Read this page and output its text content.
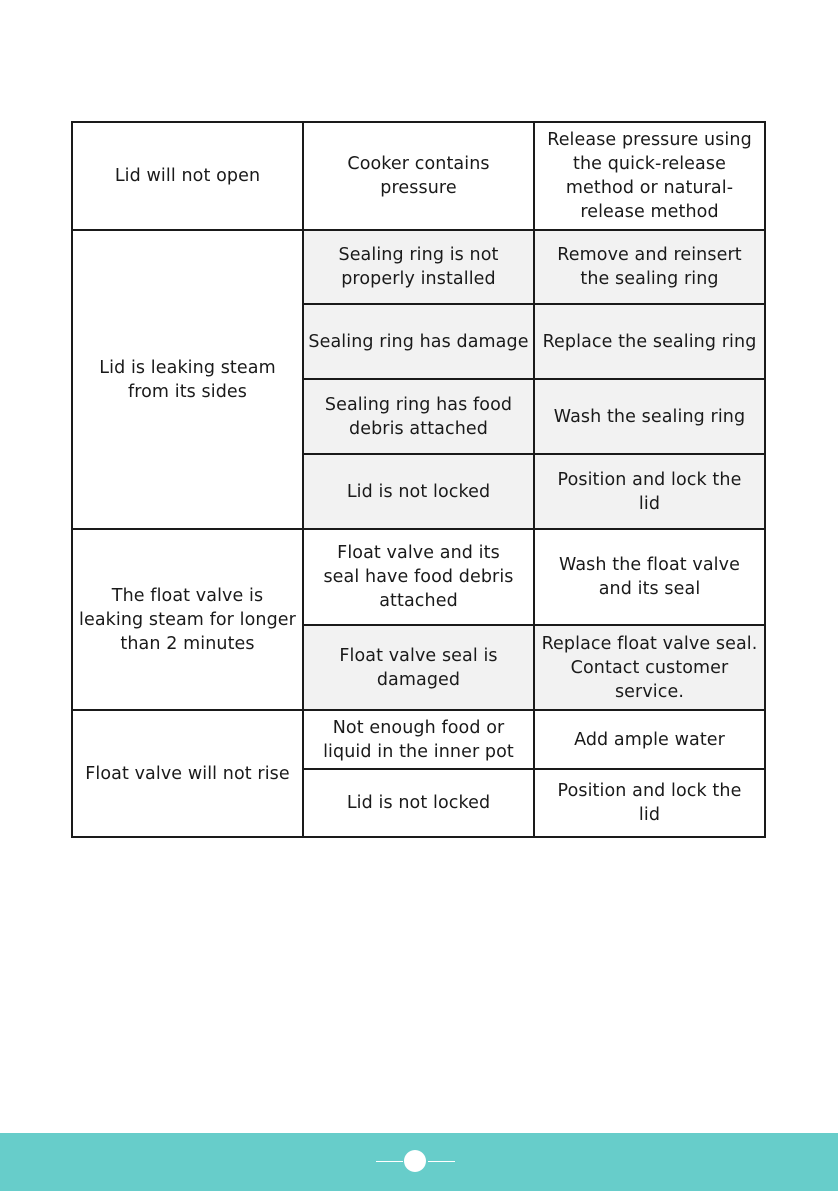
Lid will not open	Cooker contains pressure	Release pressure using the quick-release method or natural-release method
Lid is leaking steam from its sides	Sealing ring is not properly installed	Remove and reinsert the sealing ring
	Sealing ring has damage	Replace the sealing ring
	Sealing ring has food debris attached	Wash the sealing ring
	Lid is not locked	Position and lock the lid
The float valve is leaking steam for longer than 2 minutes	Float valve and its seal have food debris attached	Wash the float valve and its seal
	Float valve seal is damaged	Replace float valve seal. Contact customer service.
Float valve will not rise	Not enough food or liquid in the inner pot	Add ample water
	Lid is not locked	Position and lock the lid
